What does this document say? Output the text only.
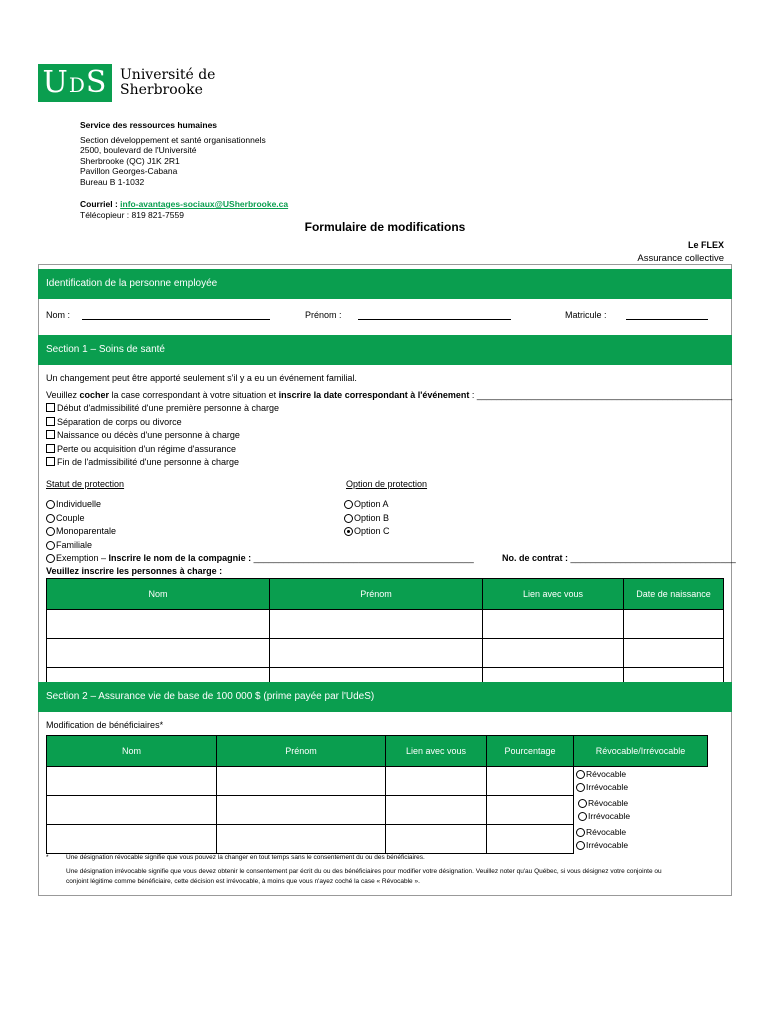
UDS Université de
Sherbrooke
Service des ressources humaines
Section développement et santé organisationnels
2500, boulevard de l'Université
Sherbrooke (QC) J1K 2R1
Pavillon Georges-Cabana
Bureau B 1-1032
Courriel : info-avantages-sociaux@USherbrooke.ca
Télécopieur : 819 821-7559
Formulaire de modifications
Le FLEX
Assurance collective
Identification de la personne employée
Nom :	Prénom :	Matricule :
Section 1 – Soins de santé
Un changement peut être apporté seulement s'il y a eu un événement familial.
Veuillez cocher la case correspondant à votre situation et inscrire la date correspondant à l'événement : ___________________________________________________
Début d'admissibilité d'une première personne à charge
Séparation de corps ou divorce
Naissance ou décès d'une personne à charge
Perte ou acquisition d'un régime d'assurance
Fin de l'admissibilité d'une personne à charge
Statut de protection
Individuelle
Couple
Monoparentale
Familiale
Exemption – Inscrire le nom de la compagnie : ____________________________________________	No. de contrat : _________________________________
Option de protection
Option A
Option B
Option C
Veuillez inscrire les personnes à charge :
Nom	Prénom	Lien avec vous	Date de naissance

Section 2 – Assurance vie de base de 100 000 $ (prime payée par l'UdeS)
Modification de bénéficiaires*
Nom	Prénom	Lien avec vous	Pourcentage	Révocable/Irrévocable

				Révocable
Irrévocable

				Révocable
Irrévocable

				Révocable
Irrévocable
*	Une désignation révocable signifie que vous pouvez la changer en tout temps sans le consentement du ou des bénéficiaires.
Une désignation irrévocable signifie que vous devez obtenir le consentement par écrit du ou des bénéficiaires pour modifier votre désignation. Veuillez noter qu'au Québec, si vous désignez votre conjointe ou
conjoint légitime comme bénéficiaire, cette décision est irrévocable, à moins que vous n'ayez coché la case « Révocable ».
